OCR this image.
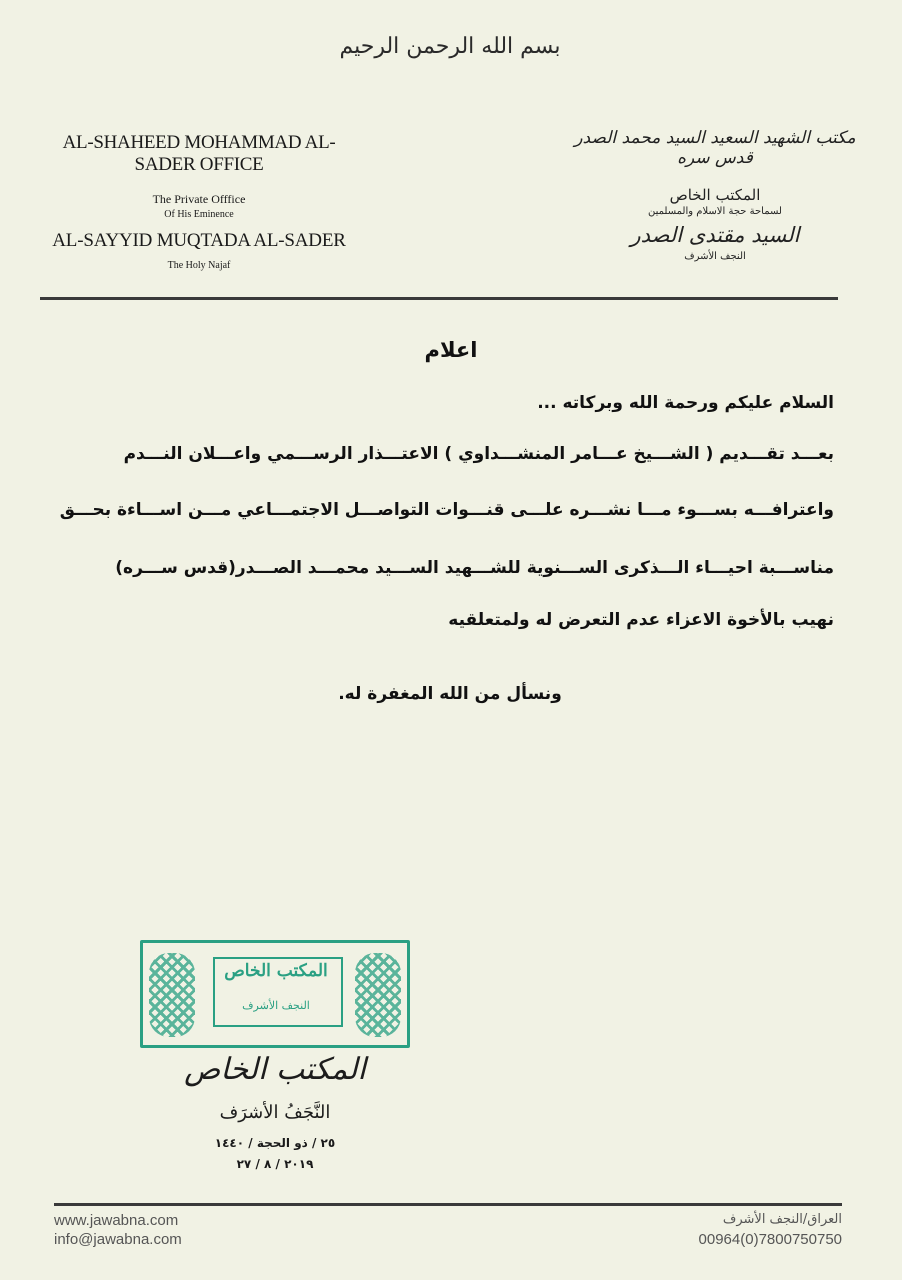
بسم الله الرحمن الرحيم
AL-SHAHEED MOHAMMAD AL-SADER OFFICE
The Private Offfice
Of His Eminence
AL-SAYYID MUQTADA AL-SADER
The Holy Najaf
مكتب الشهيد السعيد السيد محمد الصدر قدس سره
المكتب الخاص
لسماحة حجة الاسلام والمسلمين
السيد مقتدى الصدر
النجف الأشرف
اعلام
السلام عليكم ورحمة الله وبركاته ...
بعـــد تقـــديم ( الشـــيخ عـــامر المنشـــداوي ) الاعتـــذار الرســـمي واعـــلان النـــدم
واعترافـــه بســـوء مـــا نشـــره علـــى قنـــوات التواصـــل الاجتمـــاعي مـــن اســـاءة بحـــق
مناســـبة احيـــاء الـــذكرى الســـنوية للشـــهيد الســـيد محمـــد الصـــدر(قدس ســـره)
نهيب بالأخوة الاعزاء عدم التعرض له ولمتعلقيه
ونسأل من الله المغفرة له.
المكتب الخاص
النجف الأشرف
المكتب الخاص
النَّجَفُ الأشرَف
٢٥ / ذو الحجة / ١٤٤٠
٢٠١٩ / ٨ / ٢٧
www.jawabna.com
info@jawabna.com
العراق/النجف الأشرف
00964(0)7800750750
